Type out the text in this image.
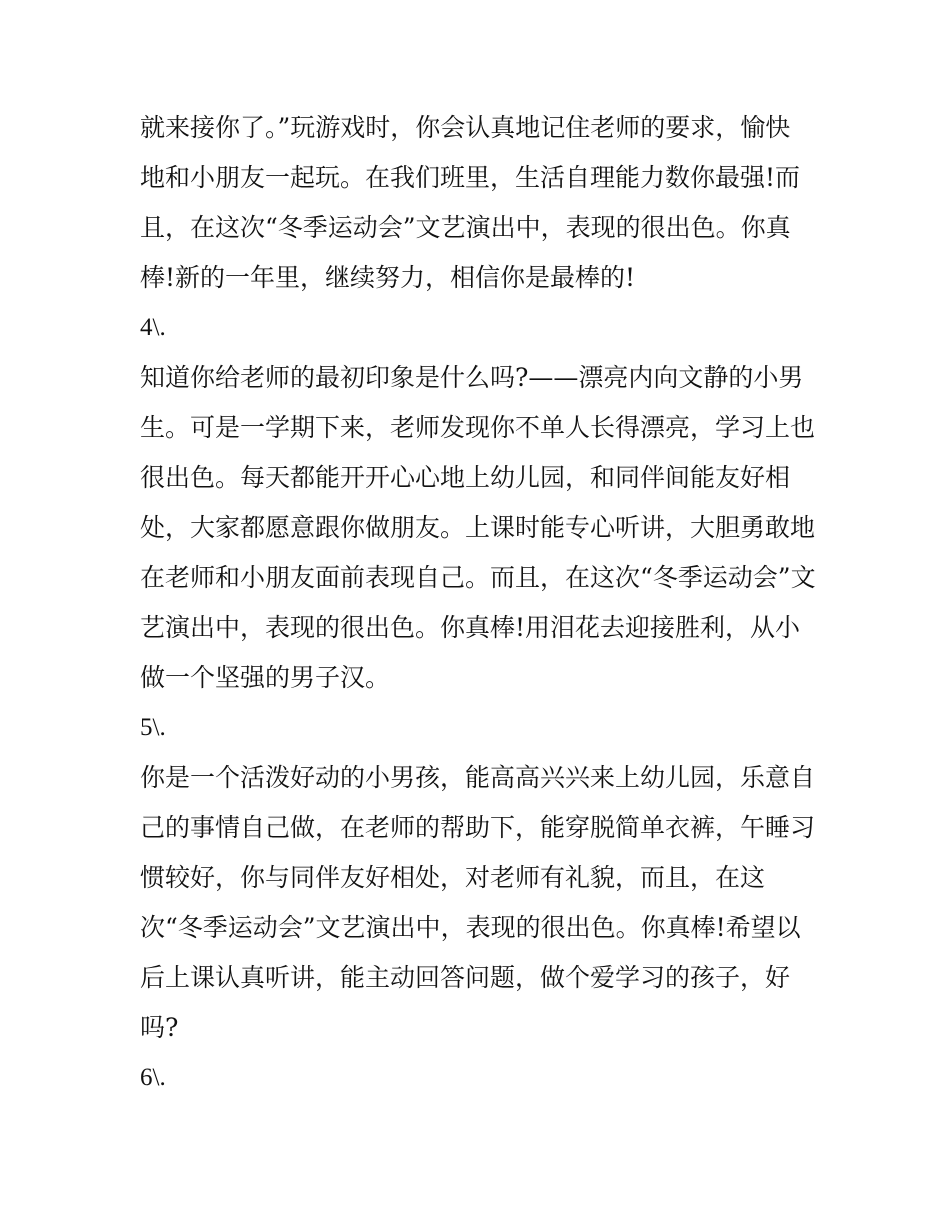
就来接你了。”玩游戏时，你会认真地记住老师的要求，愉快
地和小朋友一起玩。在我们班里，生活自理能力数你最强!而
且，在这次“冬季运动会”文艺演出中，表现的很出色。你真
棒!新的一年里，继续努力，相信你是最棒的!
4\.
知道你给老师的最初印象是什么吗?——漂亮内向文静的小男
生。可是一学期下来，老师发现你不单人长得漂亮，学习上也
很出色。每天都能开开心心地上幼儿园，和同伴间能友好相
处，大家都愿意跟你做朋友。上课时能专心听讲，大胆勇敢地
在老师和小朋友面前表现自己。而且，在这次“冬季运动会”文
艺演出中，表现的很出色。你真棒!用泪花去迎接胜利，从小
做一个坚强的男子汉。
5\.
你是一个活泼好动的小男孩，能高高兴兴来上幼儿园，乐意自
己的事情自己做，在老师的帮助下，能穿脱简单衣裤，午睡习
惯较好，你与同伴友好相处，对老师有礼貌，而且，在这
次“冬季运动会”文艺演出中，表现的很出色。你真棒!希望以
后上课认真听讲，能主动回答问题，做个爱学习的孩子，好
吗?
6\.
